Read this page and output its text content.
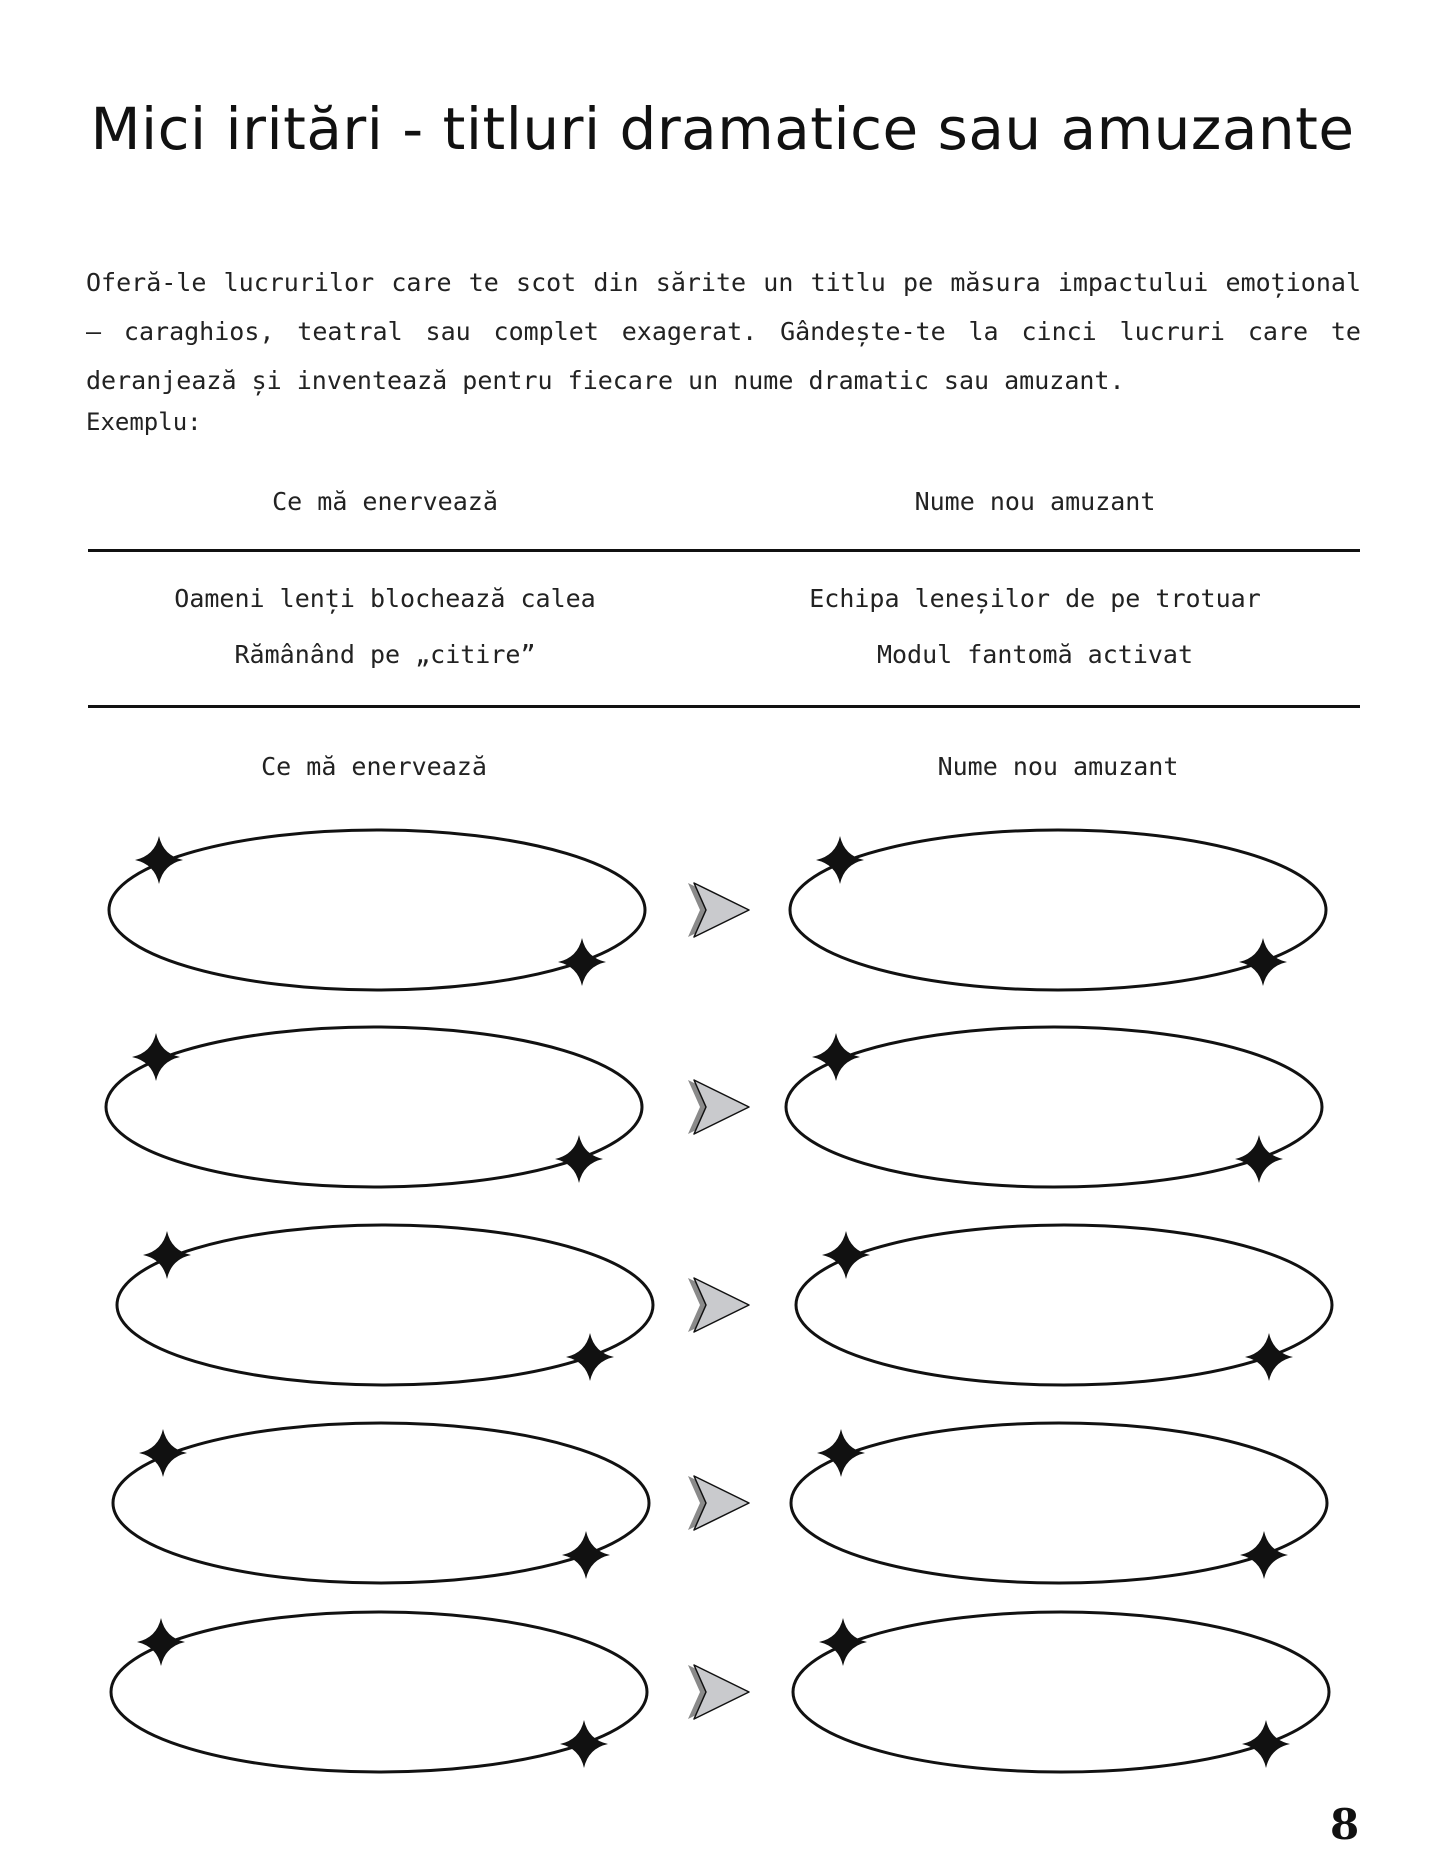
Mici iritări - titluri dramatice sau amuzante
Oferă-le lucrurilor care te scot din sărite un titlu pe măsura impactului emoțional — caraghios, teatral sau complet exagerat. Gândește-te la cinci lucruri care te deranjează și inventează pentru fiecare un nume dramatic sau amuzant.
Exemplu:
Ce mă enervează	Nume nou amuzant
Oameni lenți blochează calea	Echipa leneșilor de pe trotuar
Rămânând pe „citire”	Modul fantomă activat
Ce mă enervează	Nume nou amuzant
8
